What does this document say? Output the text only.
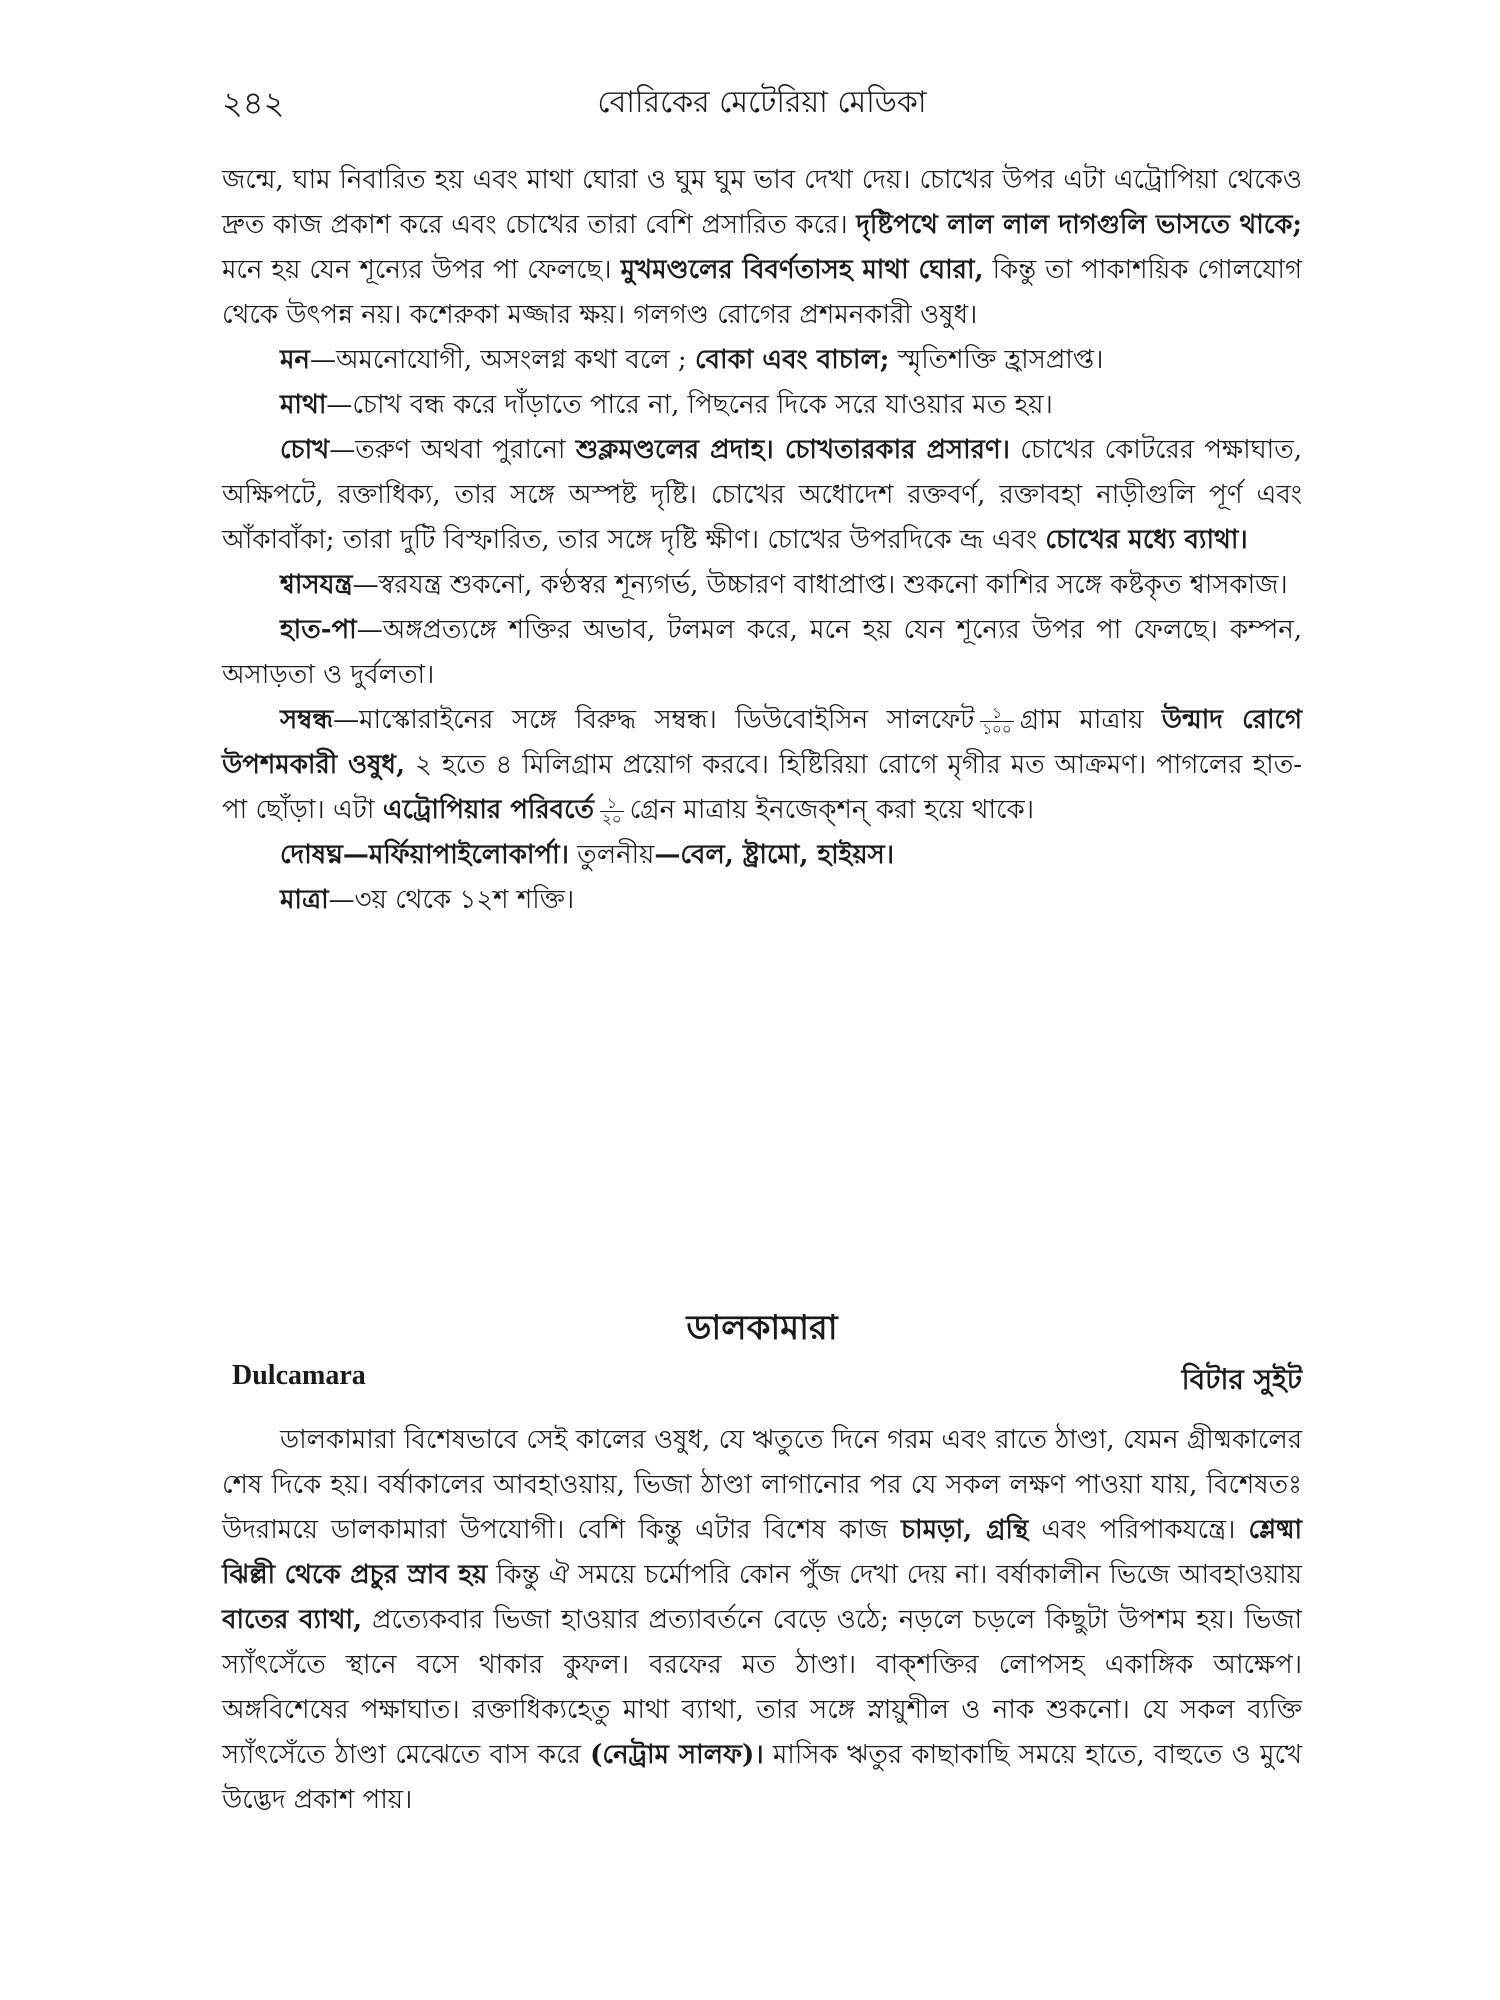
২৪২	বোরিকের মেটেরিয়া মেডিকা

জন্মে, ঘাম নিবারিত হয় এবং মাথা ঘোরা ও ঘুম ঘুম ভাব দেখা দেয়। চোখের উপর এটা এট্রোপিয়া থেকেও দ্রুত কাজ প্রকাশ করে এবং চোখের তারা বেশি প্রসারিত করে। দৃষ্টিপথে লাল লাল দাগগুলি ভাসতে থাকে; মনে হয় যেন শূন্যের উপর পা ফেলছে। মুখমণ্ডলের বিবর্ণতাসহ মাথা ঘোরা, কিন্তু তা পাকাশয়িক গোলযোগ থেকে উৎপন্ন নয়। কশেরুকা মজ্জার ক্ষয়। গলগণ্ড রোগের প্রশমনকারী ওষুধ।

মন—অমনোযোগী, অসংলগ্ন কথা বলে ; বোকা এবং বাচাল; স্মৃতিশক্তি হ্রাসপ্রাপ্ত।

মাথা—চোখ বন্ধ করে দাঁড়াতে পারে না, পিছনের দিকে সরে যাওয়ার মত হয়।

চোখ—তরুণ অথবা পুরানো শুক্লমণ্ডলের প্রদাহ। চোখতারকার প্রসারণ। চোখের কোটরের পক্ষাঘাত, অক্ষিপটে, রক্তাধিক্য, তার সঙ্গে অস্পষ্ট দৃষ্টি। চোখের অধোদেশ রক্তবর্ণ, রক্তাবহা নাড়ীগুলি পূর্ণ এবং আঁকাবাঁকা; তারা দুটি বিস্ফারিত, তার সঙ্গে দৃষ্টি ক্ষীণ। চোখের উপরদিকে ভ্রূ এবং চোখের মধ্যে ব্যাথা।

শ্বাসযন্ত্র—স্বরযন্ত্র শুকনো, কণ্ঠস্বর শূন্যগর্ভ, উচ্চারণ বাধাপ্রাপ্ত। শুকনো কাশির সঙ্গে কষ্টকৃত শ্বাসকাজ।

হাত-পা—অঙ্গপ্রত্যঙ্গে শক্তির অভাব, টলমল করে, মনে হয় যেন শূন্যের উপর পা ফেলছে। কম্পন, অসাড়তা ও দুর্বলতা।

সম্বন্ধ—মাস্কোরাইনের সঙ্গে বিরুদ্ধ সম্বন্ধ। ডিউবোইসিন সালফেট $\frac{১}{১০০}$ গ্রাম মাত্রায় উন্মাদ রোগে উপশমকারী ওষুধ, ২ হতে ৪ মিলিগ্রাম প্রয়োগ করবে। হিষ্টিরিয়া রোগে মৃগীর মত আক্রমণ। পাগলের হাত-পা ছোঁড়া। এটা এট্রোপিয়ার পরিবর্তে $\frac{১}{২০}$ গ্রেন মাত্রায় ইনজেক্শন্ করা হয়ে থাকে।

দোষঘ্ন—মর্ফিয়াপাইলোকার্পা। তুলনীয়—বেল, ষ্ট্রামো, হাইয়স।

মাত্রা—৩য় থেকে ১২শ শক্তি।

ডালকামারা
Dulcamara	বিটার সুইট

ডালকামারা বিশেষভাবে সেই কালের ওষুধ, যে ঋতুতে দিনে গরম এবং রাতে ঠাণ্ডা, যেমন গ্রীষ্মকালের শেষ দিকে হয়। বর্ষাকালের আবহাওয়ায়, ভিজা ঠাণ্ডা লাগানোর পর যে সকল লক্ষণ পাওয়া যায়, বিশেষতঃ উদরাময়ে ডালকামারা উপযোগী। বেশি কিন্তু এটার বিশেষ কাজ চামড়া, গ্রন্থি এবং পরিপাকযন্ত্রে। শ্লেষ্মা ঝিল্লী থেকে প্রচুর স্রাব হয় কিন্তু ঐ সময়ে চর্মোপরি কোন পুঁজ দেখা দেয় না। বর্ষাকালীন ভিজে আবহাওয়ায় বাতের ব্যাথা, প্রত্যেকবার ভিজা হাওয়ার প্রত্যাবর্তনে বেড়ে ওঠে; নড়লে চড়লে কিছুটা উপশম হয়। ভিজা স্যাঁৎসেঁতে স্থানে বসে থাকার কুফল। বরফের মত ঠাণ্ডা। বাক্শক্তির লোপসহ একাঙ্গিক আক্ষেপ। অঙ্গবিশেষের পক্ষাঘাত। রক্তাধিক্যহেতু মাথা ব্যাথা, তার সঙ্গে স্নায়ুশীল ও নাক শুকনো। যে সকল ব্যক্তি স্যাঁৎসেঁতে ঠাণ্ডা মেঝেতে বাস করে (নেট্রাম সালফ)। মাসিক ঋতুর কাছাকাছি সময়ে হাতে, বাহুতে ও মুখে উদ্ভেদ প্রকাশ পায়।
